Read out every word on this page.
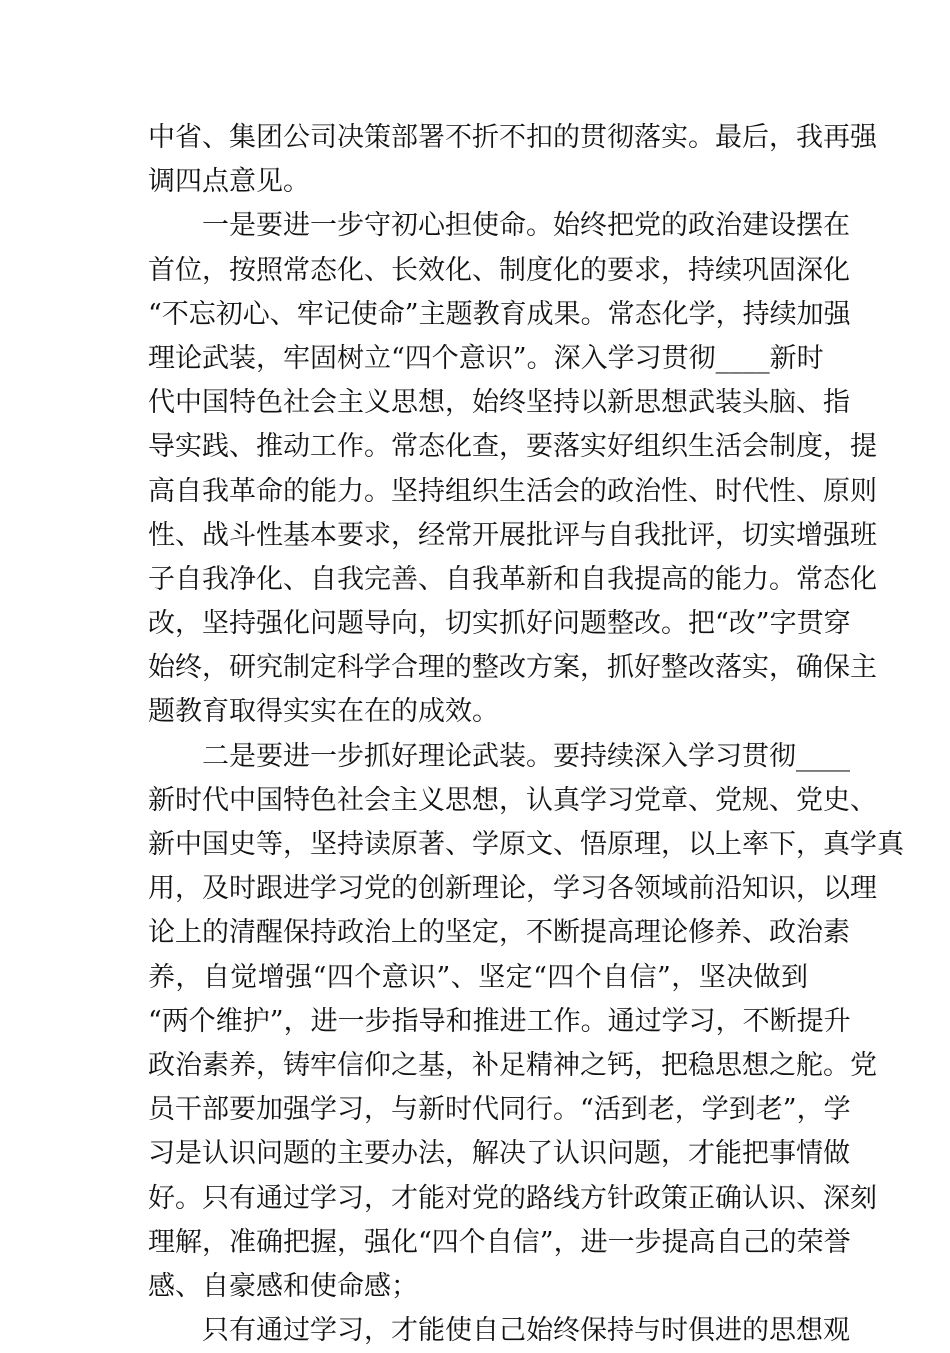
中省、集团公司决策部署不折不扣的贯彻落实。最后，我再强
调四点意见。
一是要进一步守初心担使命。始终把党的政治建设摆在
首位，按照常态化、长效化、制度化的要求，持续巩固深化
“不忘初心、牢记使命”主题教育成果。常态化学，持续加强
理论武装，牢固树立“四个意识”。深入学习贯彻____新时
代中国特色社会主义思想，始终坚持以新思想武装头脑、指
导实践、推动工作。常态化查，要落实好组织生活会制度，提
高自我革命的能力。坚持组织生活会的政治性、时代性、原则
性、战斗性基本要求，经常开展批评与自我批评，切实增强班
子自我净化、自我完善、自我革新和自我提高的能力。常态化
改，坚持强化问题导向，切实抓好问题整改。把“改”字贯穿
始终，研究制定科学合理的整改方案，抓好整改落实，确保主
题教育取得实实在在的成效。
二是要进一步抓好理论武装。要持续深入学习贯彻____
新时代中国特色社会主义思想，认真学习党章、党规、党史、
新中国史等，坚持读原著、学原文、悟原理，以上率下，真学真
用，及时跟进学习党的创新理论，学习各领域前沿知识，以理
论上的清醒保持政治上的坚定，不断提高理论修养、政治素
养，自觉增强“四个意识”、坚定“四个自信”，坚决做到
“两个维护”，进一步指导和推进工作。通过学习，不断提升
政治素养，铸牢信仰之基，补足精神之钙，把稳思想之舵。党
员干部要加强学习，与新时代同行。“活到老，学到老”，学
习是认识问题的主要办法，解决了认识问题，才能把事情做
好。只有通过学习，才能对党的路线方针政策正确认识、深刻
理解，准确把握，强化“四个自信”，进一步提高自己的荣誉
感、自豪感和使命感；
只有通过学习，才能使自己始终保持与时俱进的思想观
